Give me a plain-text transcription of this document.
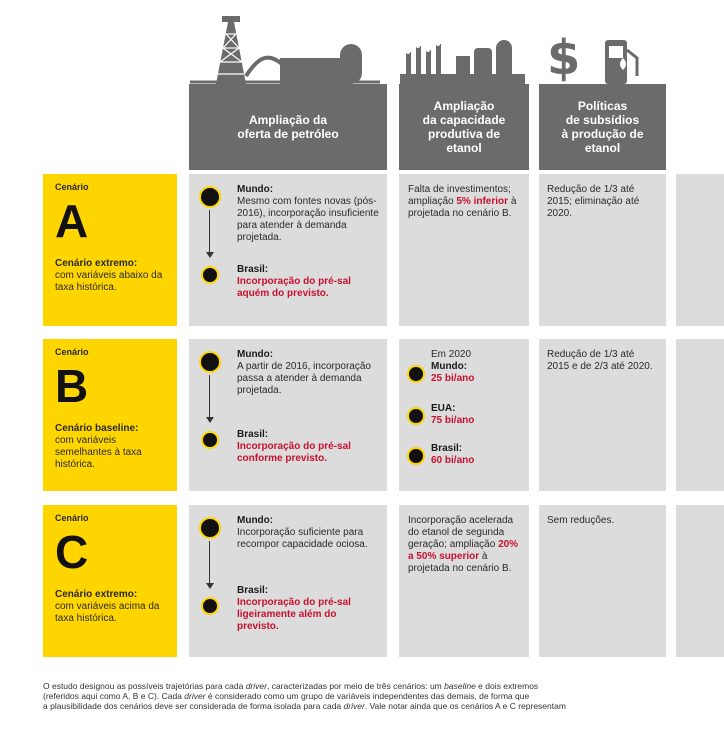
$
Ampliação da
oferta de petróleo
Ampliação
da capacidade
produtiva de
etanol
Políticas
de subsídios
à produção de
etanol
Cenário
A
Cenário extremo:
com variáveis abaixo da taxa histórica.
Mundo:
Mesmo com fontes novas (pós-2016), incorporação insuficiente para atender à demanda projetada.
Brasil:
Incorporação do pré-sal aquém do previsto.
Falta de investimentos; ampliação 5% inferior à projetada no cenário B.
Redução de 1/3 até 2015; eliminação até 2020.
Cenário
B
Cenário baseline:
com variáveis semelhantes à taxa histórica.
Mundo:
A partir de 2016, incorporação passa a atender à demanda projetada.
Brasil:
Incorporação do pré-sal conforme previsto.
Em 2020
Mundo:
25 bi/ano
EUA:
75 bi/ano
Brasil:
60 bi/ano
Redução de 1/3 até 2015 e de 2/3 até 2020.
Cenário
C
Cenário extremo:
com variáveis acima da taxa histórica.
Mundo:
Incorporação suficiente para recompor capacidade ociosa.
Brasil:
Incorporação do pré-sal ligeiramente além do previsto.
Incorporação acelerada do etanol de segunda geração; ampliação 20% a 50% superior à projetada no cenário B.
Sem reduções.
O estudo designou as possíveis trajetórias para cada driver, caracterizadas por meio de três cenários: um baseline e dois extremos
(referidos aqui como A, B e C). Cada driver é considerado como um grupo de variáveis independentes das demais, de forma que
a plausibilidade dos cenários deve ser considerada de forma isolada para cada driver. Vale notar ainda que os cenários A e C representam
